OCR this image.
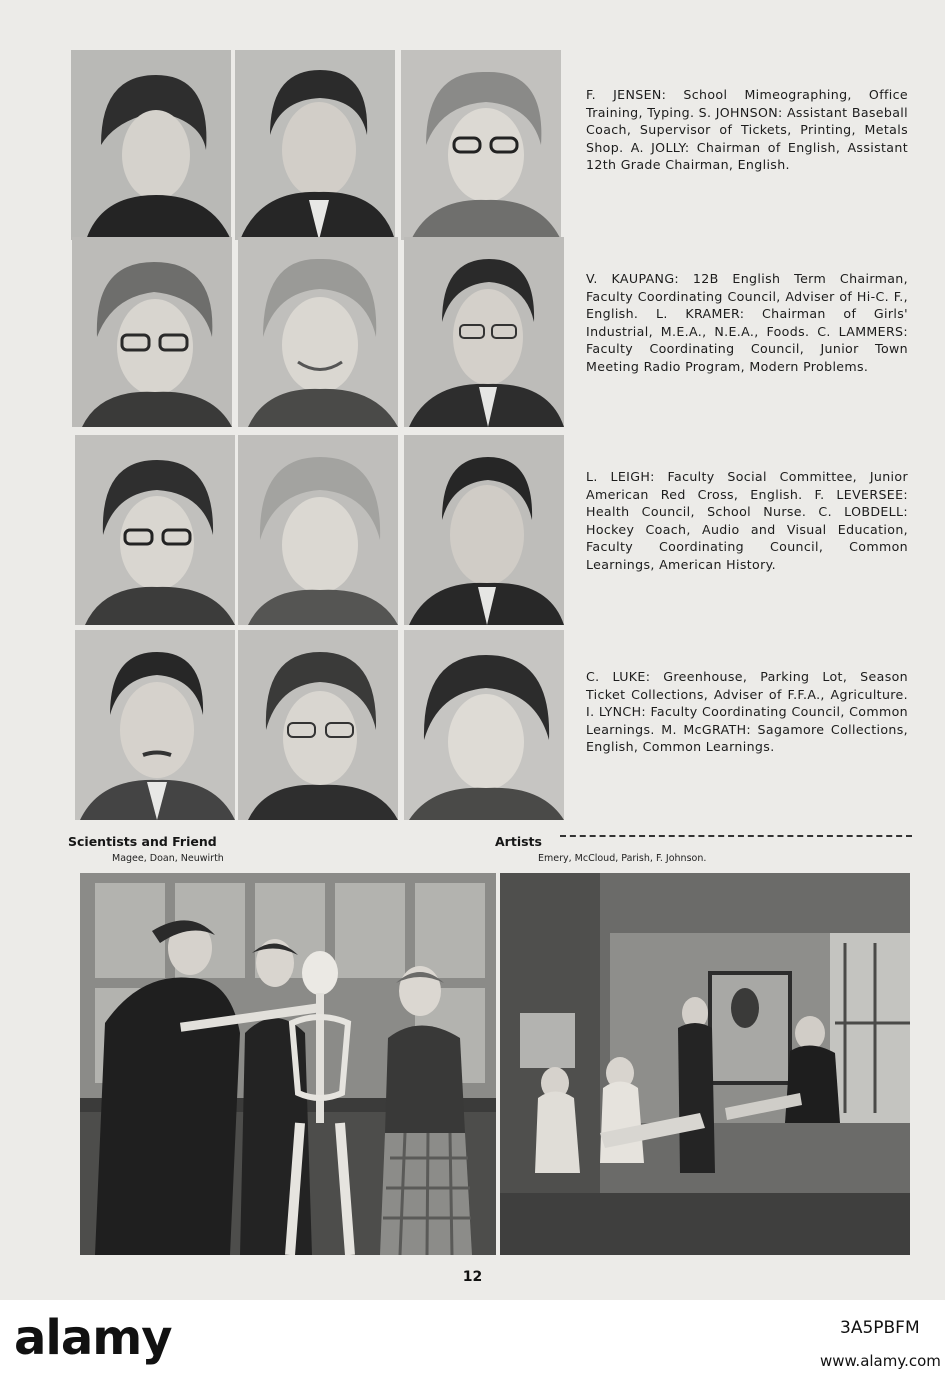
F. JENSEN: School Mimeographing, Office Training, Typing. S. JOHNSON: Assistant Baseball Coach, Supervisor of Tickets, Printing, Metals Shop. A. JOLLY: Chairman of English, Assistant 12th Grade Chairman, English.

V. KAUPANG: 12B English Term Chairman, Faculty Coordinating Council, Adviser of Hi-C. F., English. L. KRAMER: Chairman of Girls' Industrial, M.E.A., N.E.A., Foods. C. LAMMERS: Faculty Coordinating Council, Junior Town Meeting Radio Program, Modern Problems.

L. LEIGH: Faculty Social Committee, Junior American Red Cross, English. F. LEVERSEE: Health Council, School Nurse. C. LOBDELL: Hockey Coach, Audio and Visual Education, Faculty Coordinating Council, Common Learnings, American History.

C. LUKE: Greenhouse, Parking Lot, Season Ticket Collections, Adviser of F.F.A., Agriculture. I. LYNCH: Faculty Coordinating Council, Common Learnings. M. McGRATH: Sagamore Collections, English, Common Learnings.

Scientists and Friend
Magee, Doan, Neuwirth
Artists
Emery, McCloud, Parish, F. Johnson.
12
alamy	3A5PBFM
www.alamy.com
